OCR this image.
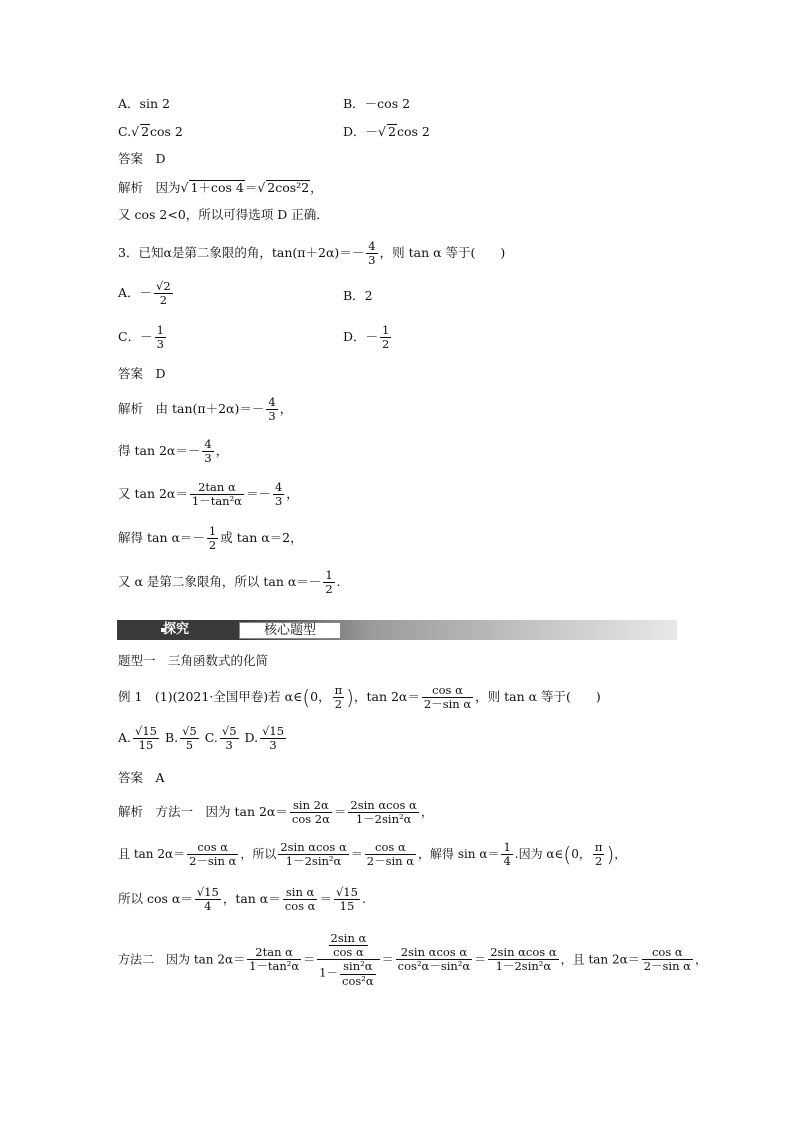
A．sin 2	B．－cos 2
C. √ 2cos 2	D．－ √ 2cos 2
答案　D
解析　因为 √ 1＋cos 4＝ √ 2cos²2，
又 cos 2<0，所以可得选项 D 正确．
3．已知α是第二象限的角，$\tan(\pi+2\alpha)=- \frac{4}{3}$ ，则 tan α 等于(　　)
A．－ $\frac{√2}{2}$	B．2
C．－ $\frac{1}{3}$	D．－ $\frac{1}{2}$
答案　D
解析　由 $\tan(\pi+2\alpha)=- \frac{4}{3}$ ，
得 $\tan 2\alpha=- \frac{4}{3}$ ，
又 $\tan 2\alpha= \frac{\text{2tan α}}{\text{1－tan²α}} =- \frac{4}{3}$ ，
解得 $\tan \alpha=- \frac{1}{2}$ 或 tan α＝2，
又 α 是第二象限角，所以 $\tan \alpha=- \frac{1}{2}$ .
探究	核心题型
题型一　三角函数式的化简
例 1　(1)(2021·全国甲卷)若 α∈(0， $\frac{\pi}{2}$ )，$\tan 2\alpha= \frac{\text{cos α}}{\text{2－sin α}}$ ，则 tan α 等于(　　)
A. $\frac{√15}{15} B$. $\frac{√5}{5} C$. $\frac{√5}{3} D$. $\frac{√15}{3}$
答案　A
解析　方法一　因为 $\tan 2\alpha= \frac{\sin 2\alpha}{\cos 2\alpha} = \frac{\text{2sin αcos α}}{\text{1－2sin²α}}$ ，
且 $\tan 2\alpha= \frac{\text{cos α}}{\text{2－sin α}}$ ，所以 $\frac{\text{2sin αcos α}}{\text{1－2sin²α}} = \frac{\text{cos α}}{\text{2－sin α}}$ ，解得 $\sin \alpha= \frac{1}{4}$ .因为 α∈(0， $\frac{\pi}{2}$ )，
所以 $\cos \alpha= \frac{√15}{4}$ ，$\tan \alpha= \frac{\text{sin α}}{\text{cos α}} = \frac{√15}{15}$ .
方法二　因为 $\tan 2\alpha= \frac{\text{2tan α}}{\text{1－tan²α}} = \frac{\frac{\text{2sin α}}{\text{cos α}}}{1- \frac{\text{sin²α}}{\text{cos²α}}} = \frac{\text{2sin αcos α}}{\text{cos²α－sin²α}} = \frac{\text{2sin αcos α}}{\text{1－2sin²α}}$ ，且 $\tan 2\alpha= \frac{\text{cos α}}{\text{2－sin α}}$ ，
